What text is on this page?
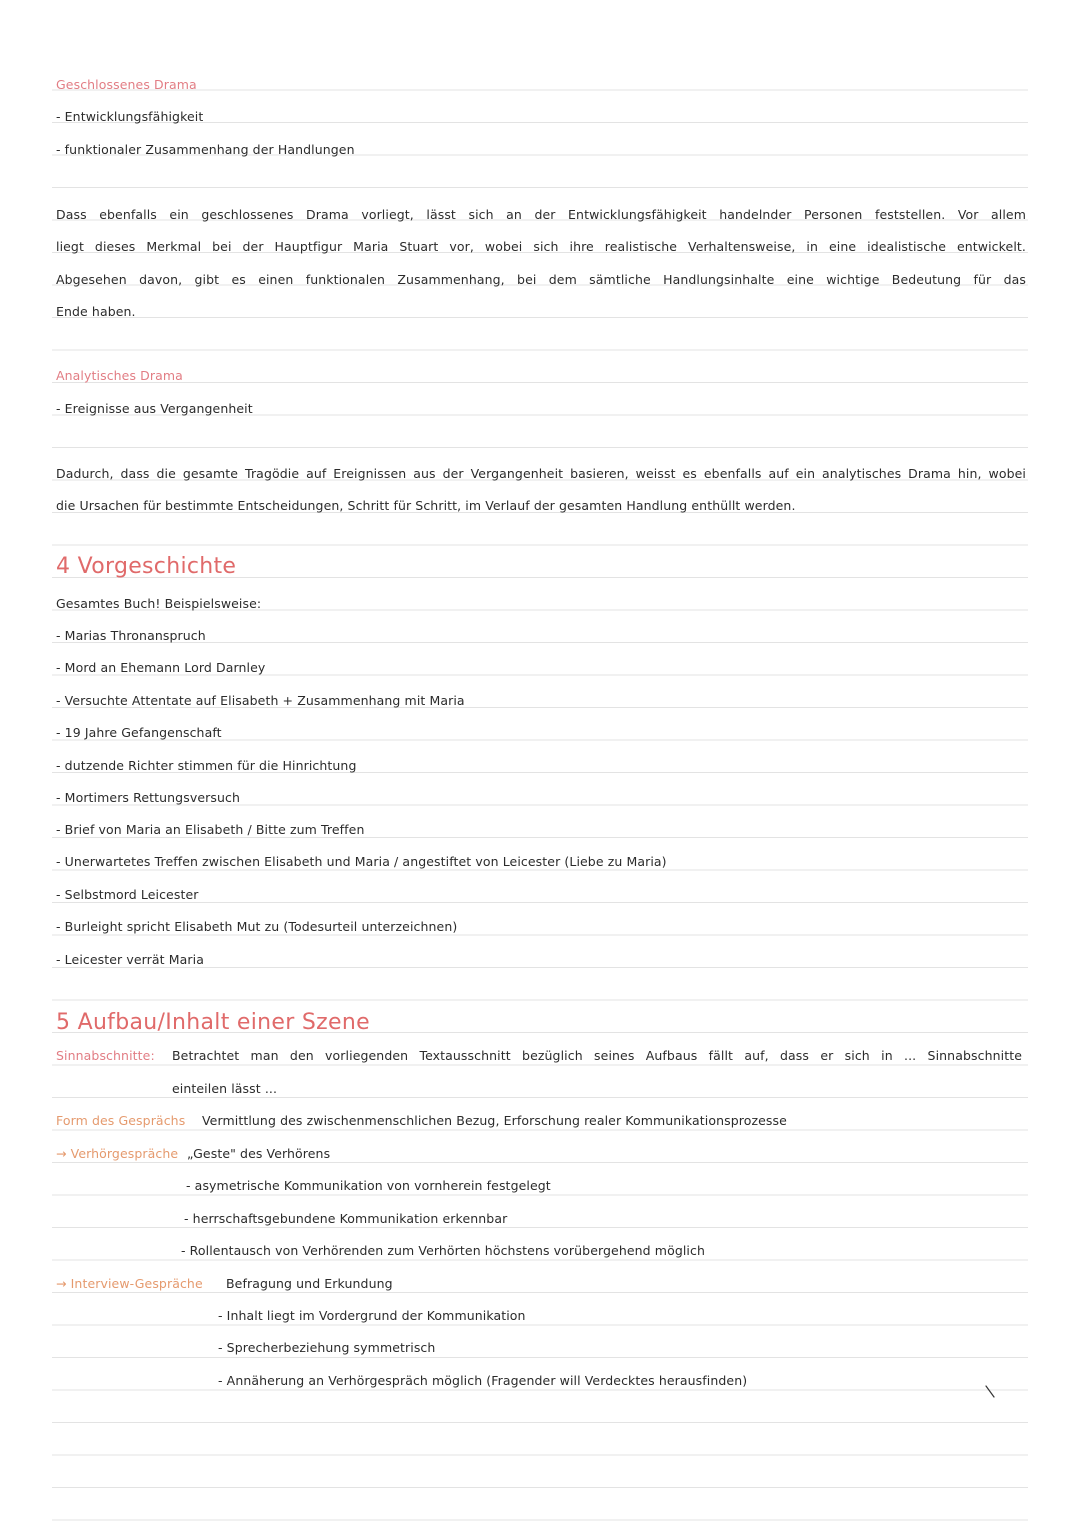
Geschlossenes Drama
- Entwicklungsfähigkeit
- funktionaler Zusammenhang der Handlungen
Dass ebenfalls ein geschlossenes Drama vorliegt, lässt sich an der Entwicklungsfähigkeit handelnder Personen feststellen. Vor allem
liegt dieses Merkmal bei der Hauptfigur Maria Stuart vor, wobei sich ihre realistische Verhaltensweise, in eine idealistische entwickelt.
Abgesehen davon, gibt es einen funktionalen Zusammenhang, bei dem sämtliche Handlungsinhalte eine wichtige Bedeutung für das
Ende haben.
Analytisches Drama
- Ereignisse aus Vergangenheit
Dadurch, dass die gesamte Tragödie auf Ereignissen aus der Vergangenheit basieren, weisst es ebenfalls auf ein analytisches Drama hin, wobei
die Ursachen für bestimmte Entscheidungen, Schritt für Schritt, im Verlauf der gesamten Handlung enthüllt werden.
4 Vorgeschichte
Gesamtes Buch! Beispielsweise:
- Marias Thronanspruch
- Mord an Ehemann Lord Darnley
- Versuchte Attentate auf Elisabeth + Zusammenhang mit Maria
- 19 Jahre Gefangenschaft
- dutzende Richter stimmen für die Hinrichtung
- Mortimers Rettungsversuch
- Brief von Maria an Elisabeth / Bitte zum Treffen
- Unerwartetes Treffen zwischen Elisabeth und Maria / angestiftet von Leicester (Liebe zu Maria)
- Selbstmord Leicester
- Burleight spricht Elisabeth Mut zu (Todesurteil unterzeichnen)
- Leicester verrät Maria
5 Aufbau/Inhalt einer Szene
Sinnabschnitte:	Betrachtet man den vorliegenden Textausschnitt bezüglich seines Aufbaus fällt auf, dass er sich in ... Sinnabschnitte
einteilen lässt ...
Form des Gesprächs	Vermittlung des zwischenmenschlichen Bezug, Erforschung realer Kommunikationsprozesse
→ Verhörgespräche „Geste" des Verhörens
- asymetrische Kommunikation von vornherein festgelegt
- herrschaftsgebundene Kommunikation erkennbar
- Rollentausch von Verhörenden zum Verhörten höchstens vorübergehend möglich
→ Interview-Gespräche	Befragung und Erkundung
- Inhalt liegt im Vordergrund der Kommunikation
- Sprecherbeziehung symmetrisch
- Annäherung an Verhörgespräch möglich (Fragender will Verdecktes herausfinden)
